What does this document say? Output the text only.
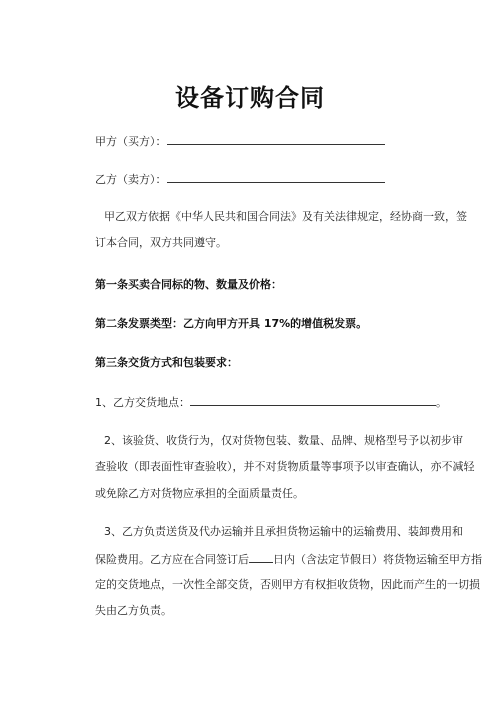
设备订购合同
甲方（买方）：
乙方（卖方）：
甲乙双方依据《中华人民共和国合同法》及有关法律规定，经协商一致，签
订本合同，双方共同遵守。
第一条买卖合同标的物、数量及价格：
第二条发票类型：乙方向甲方开具 17%的增值税发票。
第三条交货方式和包装要求：
1、乙方交货地点：	。
2、该验货、收货行为，仅对货物包装、数量、品牌、规格型号予以初步审
查验收（即表面性审查验收），并不对货物质量等事项予以审查确认，亦不减轻
或免除乙方对货物应承担的全面质量责任。
3、乙方负责送货及代办运输并且承担货物运输中的运输费用、装卸费用和
保险费用。乙方应在合同签订后 日内（含法定节假日）将货物运输至甲方指
定的交货地点，一次性全部交货，否则甲方有权拒收货物，因此而产生的一切损
失由乙方负责。
